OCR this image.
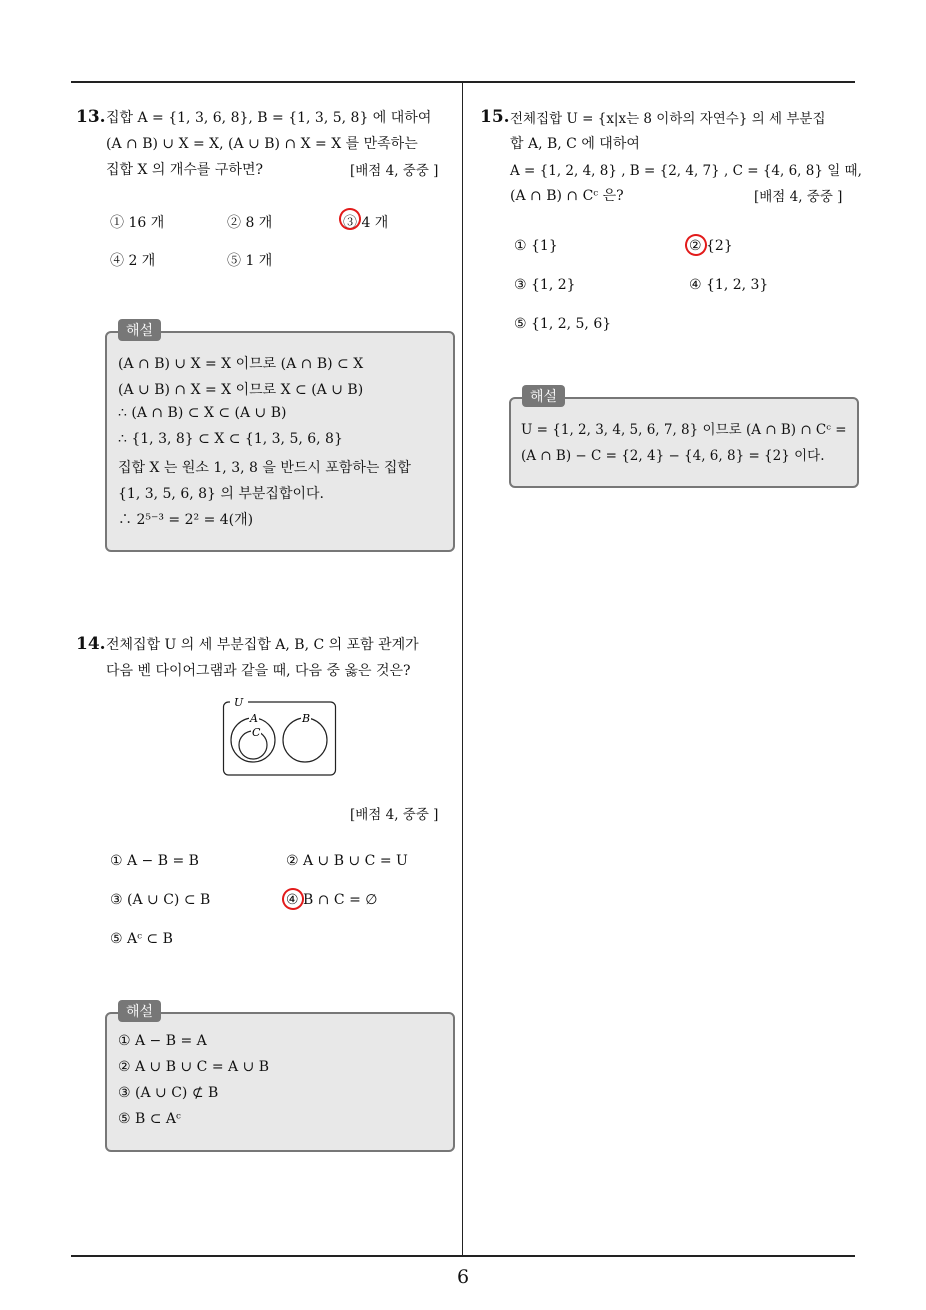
13. 집합 A = {1, 3, 6, 8}, B = {1, 3, 5, 8} 에 대하여
(A ∩ B) ∪ X = X, (A ∪ B) ∩ X = X 를 만족하는
집합 X 의 개수를 구하면?	[배점 4, 중중 ]
① 16 개	② 8 개	③ 4 개
④ 2 개	⑤ 1 개
해설
(A ∩ B) ∪ X = X 이므로 (A ∩ B) ⊂ X
(A ∪ B) ∩ X = X 이므로 X ⊂ (A ∪ B)
∴ (A ∩ B) ⊂ X ⊂ (A ∪ B)
∴ {1, 3, 8} ⊂ X ⊂ {1, 3, 5, 6, 8}
집합 X 는 원소 1, 3, 8 을 반드시 포함하는 집합
{1, 3, 5, 6, 8} 의 부분집합이다.
∴ 2⁵⁻³ = 2² = 4(개)
14. 전체집합 U 의 세 부분집합 A, B, C 의 포함 관계가
다음 벤 다이어그램과 같을 때, 다음 중 옳은 것은?
U
A
C
B
[배점 4, 중중 ]
① A − B = B	② A ∪ B ∪ C = U
③ (A ∪ C) ⊂ B	④ B ∩ C = ∅
⑤ Aᶜ ⊂ B
해설
① A − B = A
② A ∪ B ∪ C = A ∪ B
③ (A ∪ C) ⊄ B
⑤ B ⊂ Aᶜ
15. 전체집합 U = {x|x는 8 이하의 자연수} 의 세 부분집
합 A, B, C 에 대하여
A = {1, 2, 4, 8} , B = {2, 4, 7} , C = {4, 6, 8} 일 때,
(A ∩ B) ∩ Cᶜ 은?	[배점 4, 중중 ]
① {1}	② {2}
③ {1, 2}	④ {1, 2, 3}
⑤ {1, 2, 5, 6}
해설
U = {1, 2, 3, 4, 5, 6, 7, 8} 이므로 (A ∩ B) ∩ Cᶜ =
(A ∩ B) − C = {2, 4} − {4, 6, 8} = {2} 이다.
6
